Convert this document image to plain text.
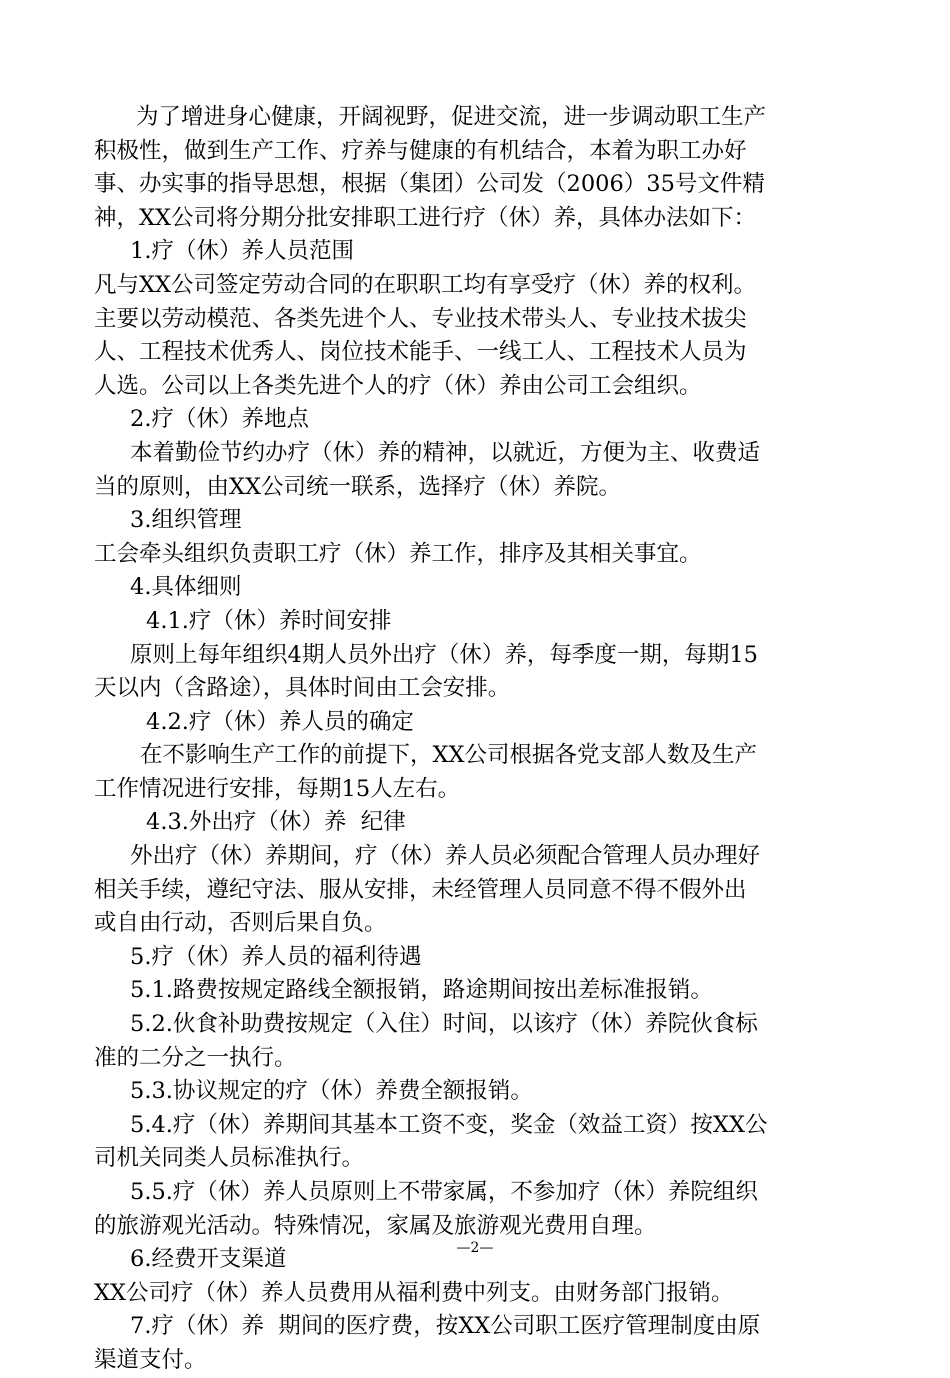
为了增进身心健康，开阔视野，促进交流，进一步调动职工生产
积极性，做到生产工作、疗养与健康的有机结合，本着为职工办好
事、办实事的指导思想，根据（集团）公司发（2006）35号文件精
神，XX公司将分期分批安排职工进行疗（休）养，具体办法如下：
1.疗（休）养人员范围
凡与XX公司签定劳动合同的在职职工均有享受疗（休）养的权利。
主要以劳动模范、各类先进个人、专业技术带头人、专业技术拔尖
人、工程技术优秀人、岗位技术能手、一线工人、工程技术人员为
人选。公司以上各类先进个人的疗（休）养由公司工会组织。
2.疗（休）养地点
本着勤俭节约办疗（休）养的精神，以就近，方便为主、收费适
当的原则，由XX公司统一联系，选择疗（休）养院。
3.组织管理
工会牵头组织负责职工疗（休）养工作，排序及其相关事宜。
4.具体细则
4.1.疗（休）养时间安排
原则上每年组织4期人员外出疗（休）养，每季度一期，每期15
天以内（含路途），具体时间由工会安排。
4.2.疗（休）养人员的确定
在不影响生产工作的前提下，XX公司根据各党支部人数及生产
工作情况进行安排，每期15人左右。
4.3.外出疗（休）养  纪律
外出疗（休）养期间，疗（休）养人员必须配合管理人员办理好
相关手续，遵纪守法、服从安排，未经管理人员同意不得不假外出
或自由行动，否则后果自负。
5.疗（休）养人员的福利待遇
5.1.路费按规定路线全额报销，路途期间按出差标准报销。
5.2.伙食补助费按规定（入住）时间，以该疗（休）养院伙食标
准的二分之一执行。
5.3.协议规定的疗（休）养费全额报销。
5.4.疗（休）养期间其基本工资不变，奖金（效益工资）按XX公
司机关同类人员标准执行。
5.5.疗（休）养人员原则上不带家属，不参加疗（休）养院组织
的旅游观光活动。特殊情况，家属及旅游观光费用自理。
6.经费开支渠道
XX公司疗（休）养人员费用从福利费中列支。由财务部门报销。
7.疗（休）养  期间的医疗费，按XX公司职工医疗管理制度由原
渠道支付。
—2—
